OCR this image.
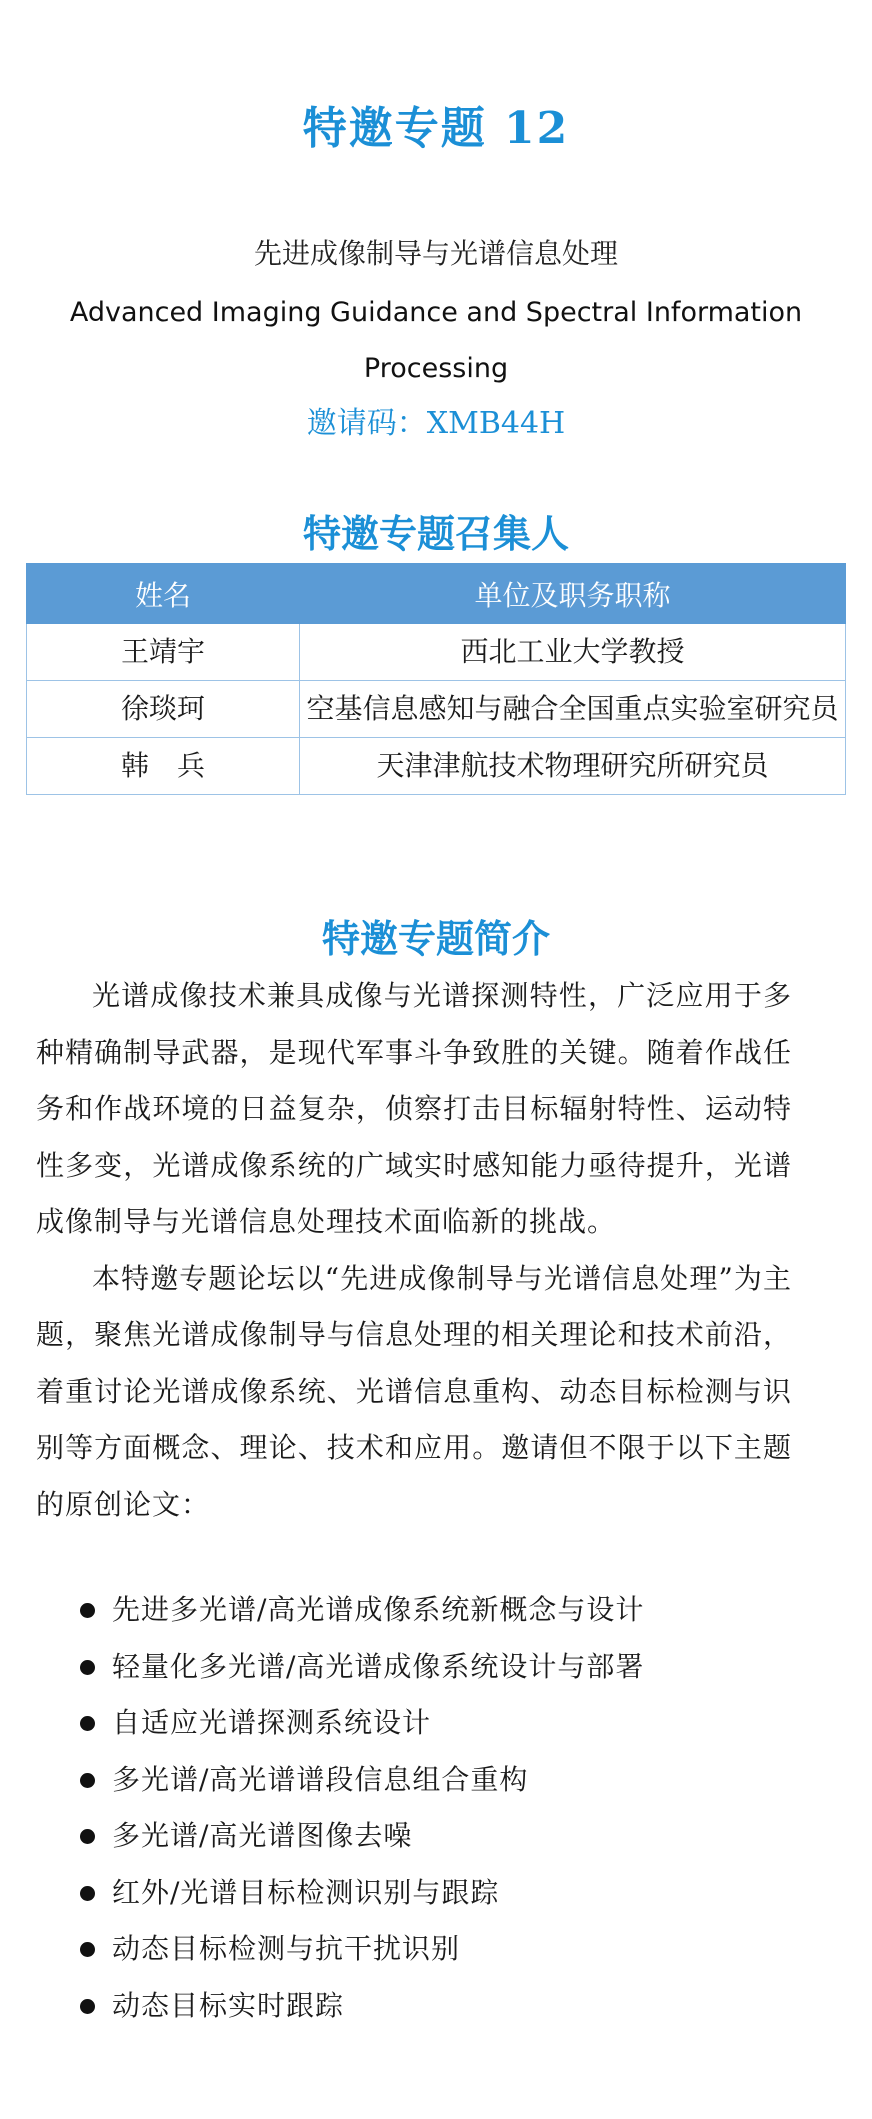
特邀专题 12
先进成像制导与光谱信息处理
Advanced Imaging Guidance and Spectral Information Processing
邀请码：XMB44H
特邀专题召集人
姓名	单位及职务职称
王靖宇	西北工业大学教授
徐琰珂	空基信息感知与融合全国重点实验室研究员
韩　兵	天津津航技术物理研究所研究员
特邀专题简介

光谱成像技术兼具成像与光谱探测特性，广泛应用于多种精确制导武器，是现代军事斗争致胜的关键。随着作战任务和作战环境的日益复杂，侦察打击目标辐射特性、运动特性多变，光谱成像系统的广域实时感知能力亟待提升，光谱成像制导与光谱信息处理技术面临新的挑战。

本特邀专题论坛以“先进成像制导与光谱信息处理”为主题，聚焦光谱成像制导与信息处理的相关理论和技术前沿，着重讨论光谱成像系统、光谱信息重构、动态目标检测与识别等方面概念、理论、技术和应用。邀请但不限于以下主题的原创论文：

先进多光谱/高光谱成像系统新概念与设计
轻量化多光谱/高光谱成像系统设计与部署
自适应光谱探测系统设计
多光谱/高光谱谱段信息组合重构
多光谱/高光谱图像去噪
红外/光谱目标检测识别与跟踪
动态目标检测与抗干扰识别
动态目标实时跟踪
